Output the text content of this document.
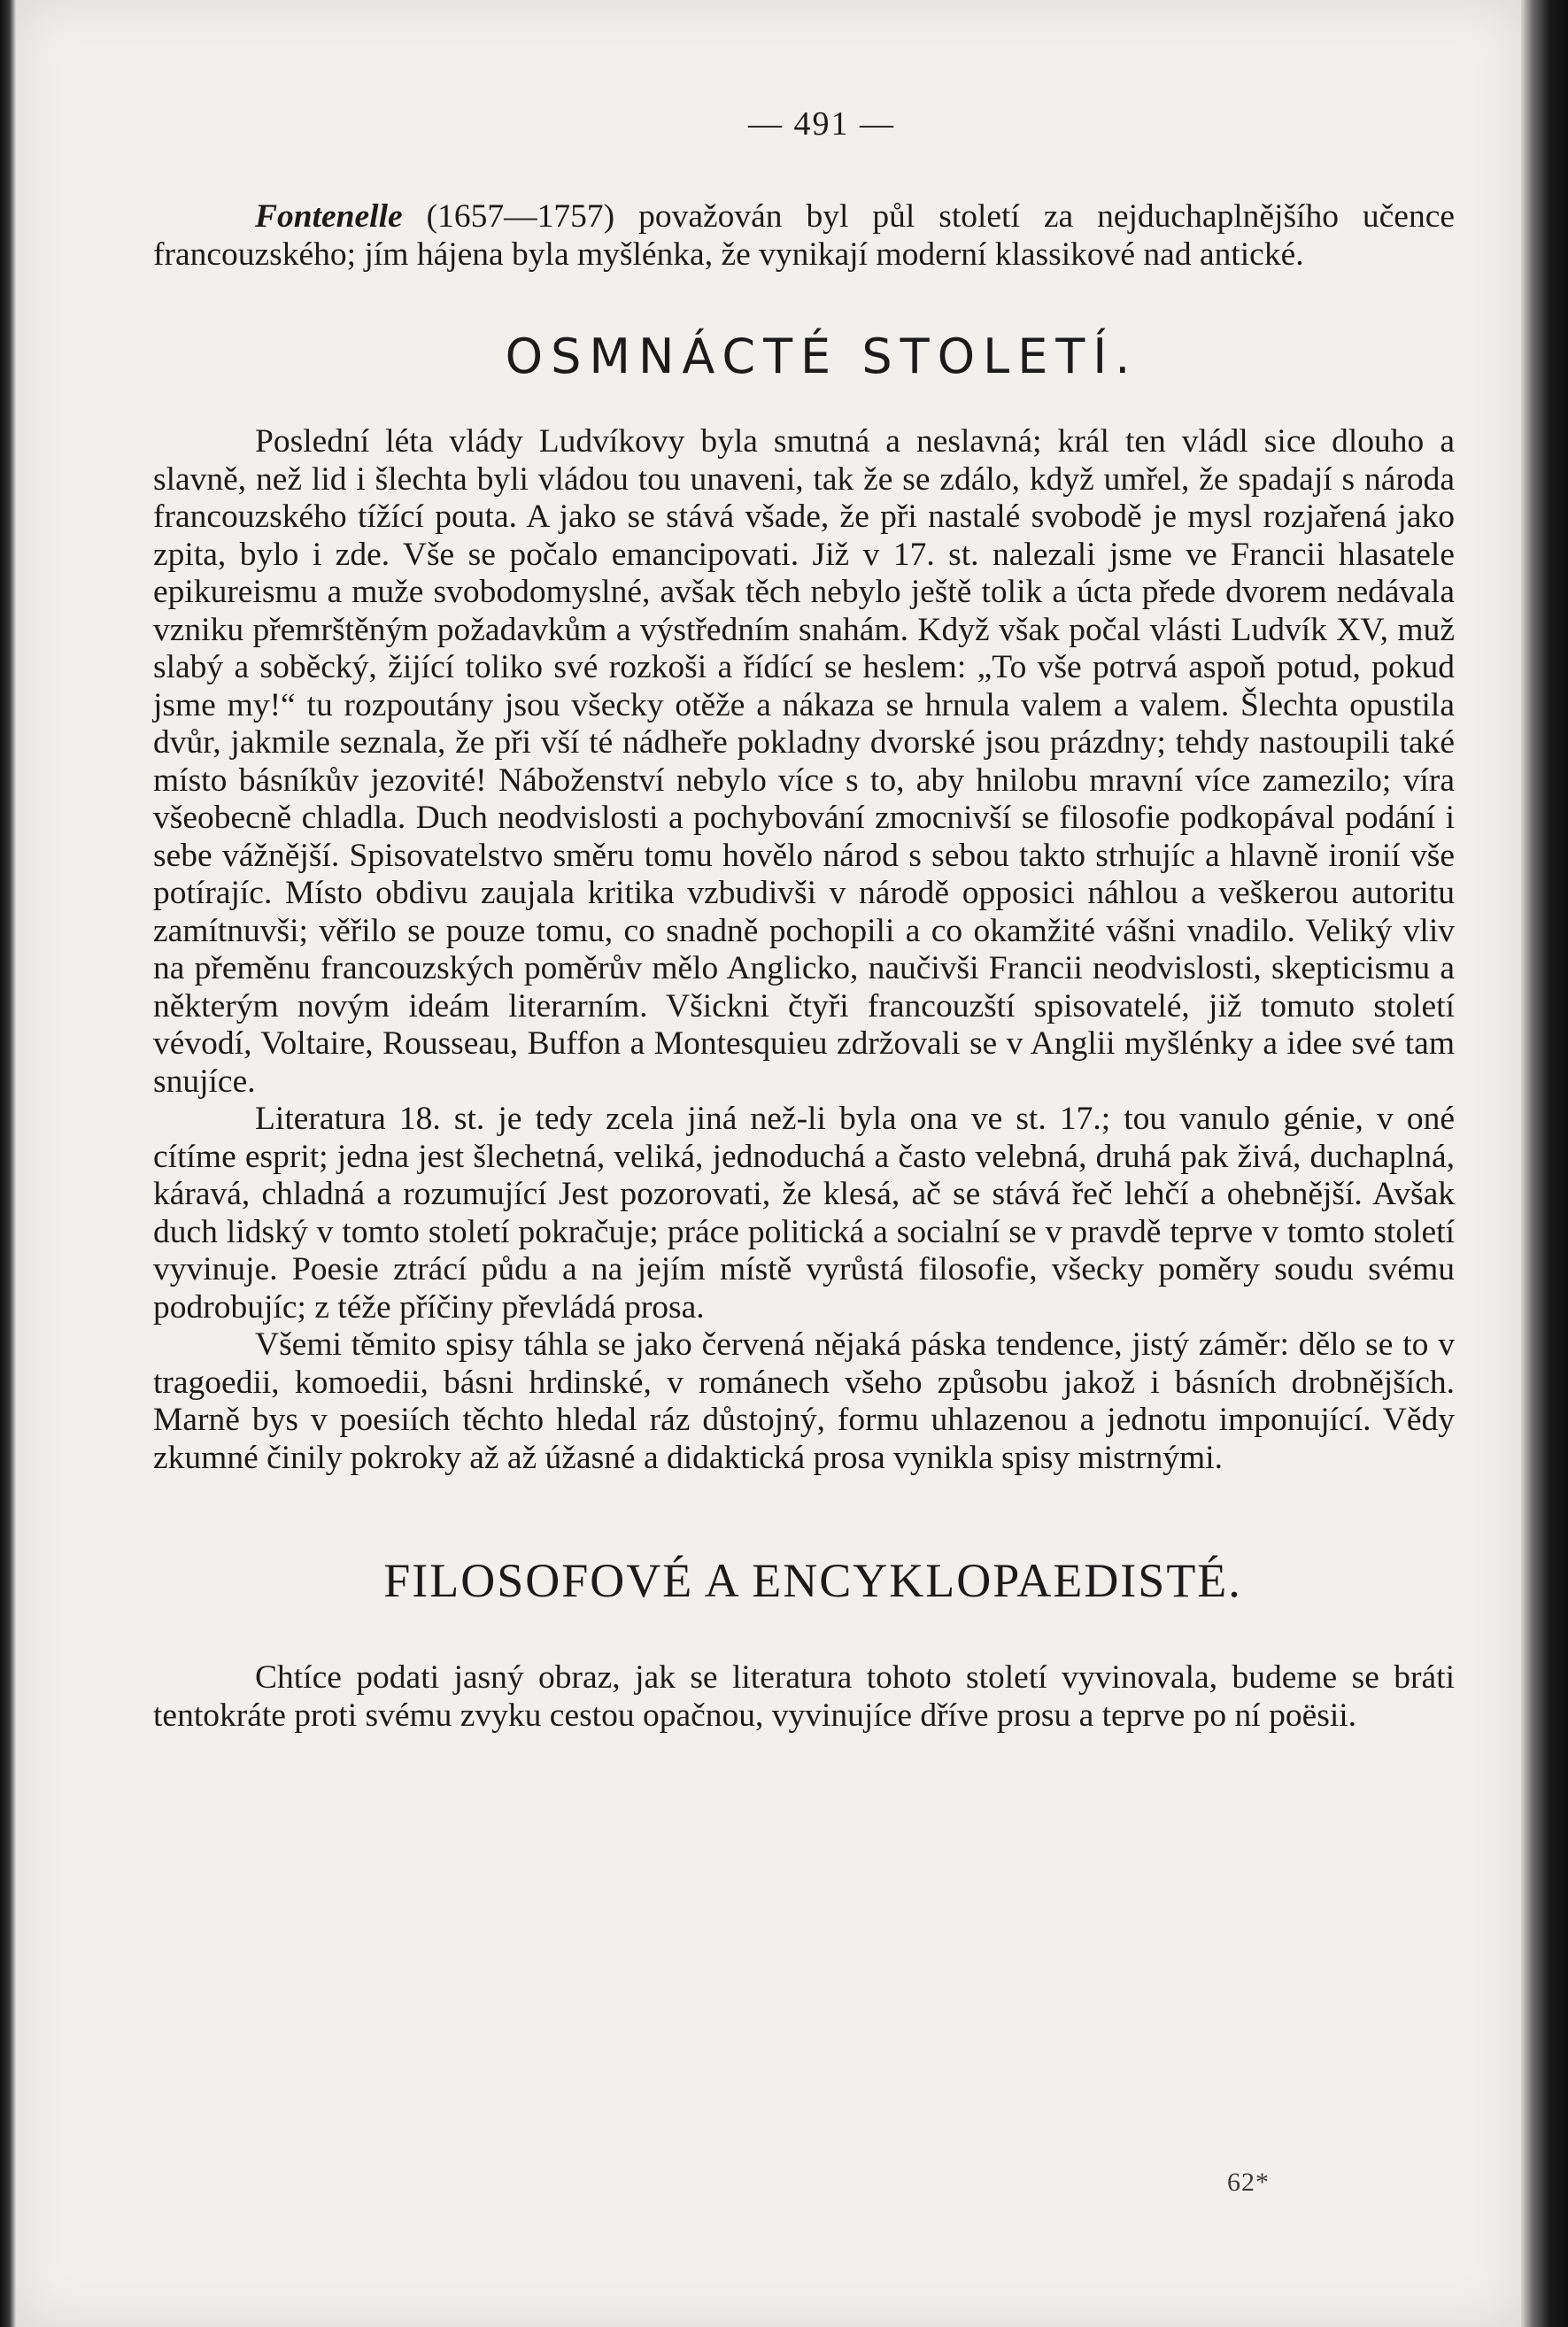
— 491 —

Fontenelle (1657—1757) považován byl půl století za nejduchaplnějšího učence francouzského; jím hájena byla myšlénka, že vynikají moderní klassikové nad antické.

OSMNÁCTÉ STOLETÍ.

Poslední léta vlády Ludvíkovy byla smutná a neslavná; král ten vládl sice dlouho a slavně, než lid i šlechta byli vládou tou unaveni, tak že se zdálo, když umřel, že spadají s národa francouzského tížící pouta. A jako se stává všade, že při nastalé svobodě je mysl rozjařená jako zpita, bylo i zde. Vše se počalo emancipovati. Již v 17. st. nalezali jsme ve Francii hlasatele epikureismu a muže svobodomyslné, avšak těch nebylo ještě tolik a úcta přede dvorem nedávala vzniku přemrštěným požadavkům a výstředním snahám. Když však počal vlásti Ludvík XV, muž slabý a soběcký, žijící toliko své rozkoši a řídící se heslem: „To vše potrvá aspoň potud, pokud jsme my!“ tu rozpoutány jsou všecky otěže a nákaza se hrnula valem a valem. Šlechta opustila dvůr, jakmile seznala, že při vší té nádheře pokladny dvorské jsou prázdny; tehdy nastoupili také místo básníkův jezovité! Náboženství nebylo více s to, aby hnilobu mravní více zamezilo; víra všeobecně chladla. Duch neodvislosti a pochybování zmocnivší se filosofie podkopával podání i sebe vážnější. Spisovatelstvo směru tomu hovělo národ s sebou takto strhujíc a hlavně ironií vše potírajíc. Místo obdivu zaujala kritika vzbudivši v národě opposici náhlou a veškerou autoritu zamítnuvši; věřilo se pouze tomu, co snadně pochopili a co okamžité vášni vnadilo. Veliký vliv na přeměnu francouzských poměrův mělo Anglicko, naučivši Francii neodvislosti, skepticismu a některým novým ideám literarním. Všickni čtyři francouzští spisovatelé, již tomuto století vévodí, Voltaire, Rousseau, Buffon a Montesquieu zdržovali se v Anglii myšlénky a idee své tam snujíce.

Literatura 18. st. je tedy zcela jiná než-li byla ona ve st. 17.; tou vanulo génie, v oné cítíme esprit; jedna jest šlechetná, veliká, jednoduchá a často velebná, druhá pak živá, duchaplná, káravá, chladná a rozumující Jest pozorovati, že klesá, ač se stává řeč lehčí a ohebnější. Avšak duch lidský v tomto století pokračuje; práce politická a socialní se v pravdě teprve v tomto století vyvinuje. Poesie ztrácí půdu a na jejím místě vyrůstá filosofie, všecky poměry soudu svému podrobujíc; z téže příčiny převládá prosa.

Všemi těmito spisy táhla se jako červená nějaká páska tendence, jistý záměr: dělo se to v tragoedii, komoedii, básni hrdinské, v románech všeho způsobu jakož i básních drobnějších. Marně bys v poesiích těchto hledal ráz důstojný, formu uhlazenou a jednotu imponující. Vědy zkumné činily pokroky až až úžasné a didaktická prosa vynikla spisy mistrnými.

FILOSOFOVÉ A ENCYKLOPAEDISTÉ.

Chtíce podati jasný obraz, jak se literatura tohoto století vyvinovala, budeme se bráti tentokráte proti svému zvyku cestou opačnou, vyvinujíce dříve prosu a teprve po ní poësii.

62*
